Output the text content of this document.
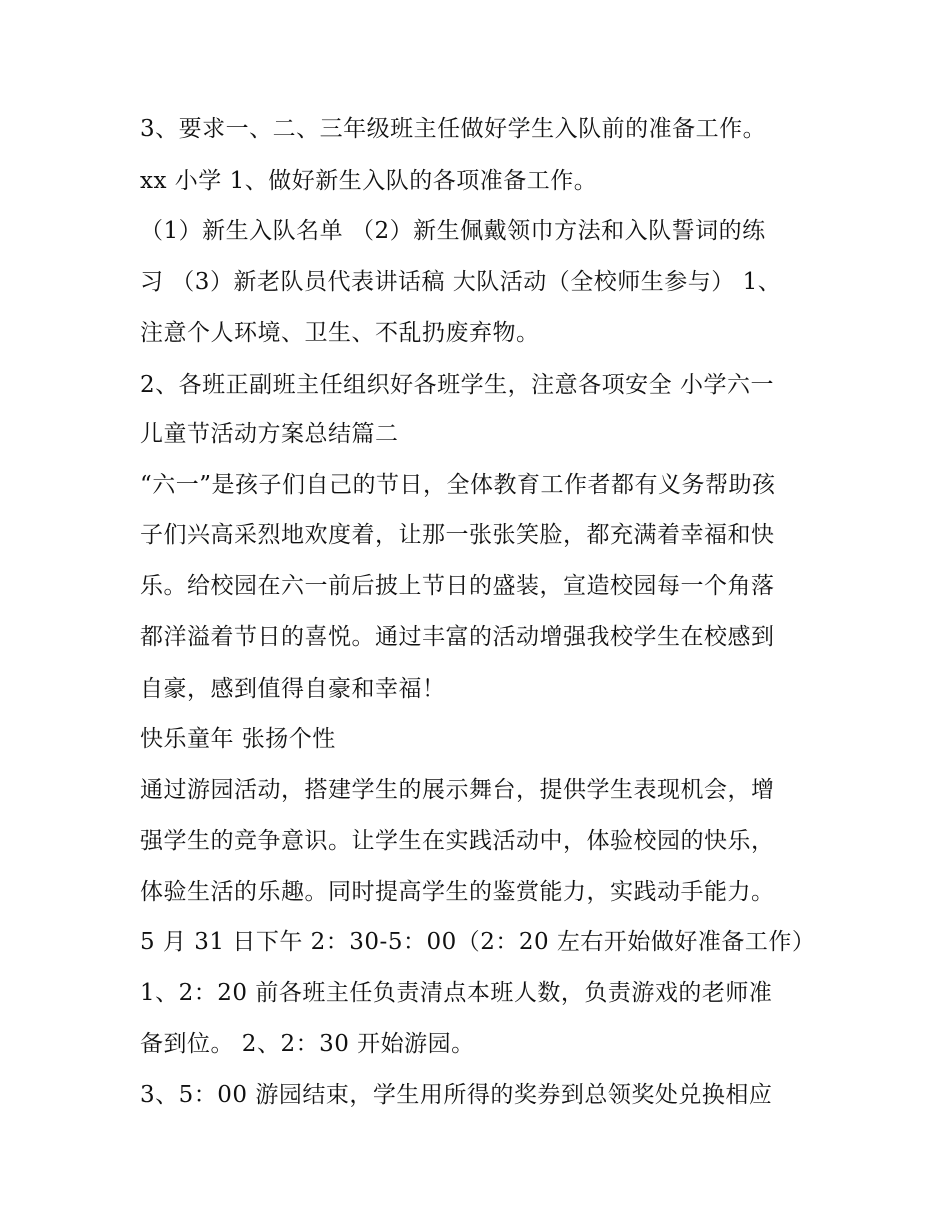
3、要求一、二、三年级班主任做好学生入队前的准备工作。
xx 小学 1、做好新生入队的各项准备工作。
（1）新生入队名单 （2）新生佩戴领巾方法和入队誓词的练
习 （3）新老队员代表讲话稿 大队活动（全校师生参与） 1、
注意个人环境、卫生、不乱扔废弃物。
2、各班正副班主任组织好各班学生，注意各项安全 小学六一
儿童节活动方案总结篇二
“六一”是孩子们自己的节日，全体教育工作者都有义务帮助孩
子们兴高采烈地欢度着，让那一张张笑脸，都充满着幸福和快
乐。给校园在六一前后披上节日的盛装，宣造校园每一个角落
都洋溢着节日的喜悦。通过丰富的活动增强我校学生在校感到
自豪，感到值得自豪和幸福！
快乐童年 张扬个性
通过游园活动，搭建学生的展示舞台，提供学生表现机会，增
强学生的竞争意识。让学生在实践活动中，体验校园的快乐，
体验生活的乐趣。同时提高学生的鉴赏能力，实践动手能力。
5 月 31 日下午 2：30-5：00（2：20 左右开始做好准备工作）
1、2：20 前各班主任负责清点本班人数，负责游戏的老师准
备到位。 2、2：30 开始游园。
3、5：00 游园结束，学生用所得的奖券到总领奖处兑换相应
